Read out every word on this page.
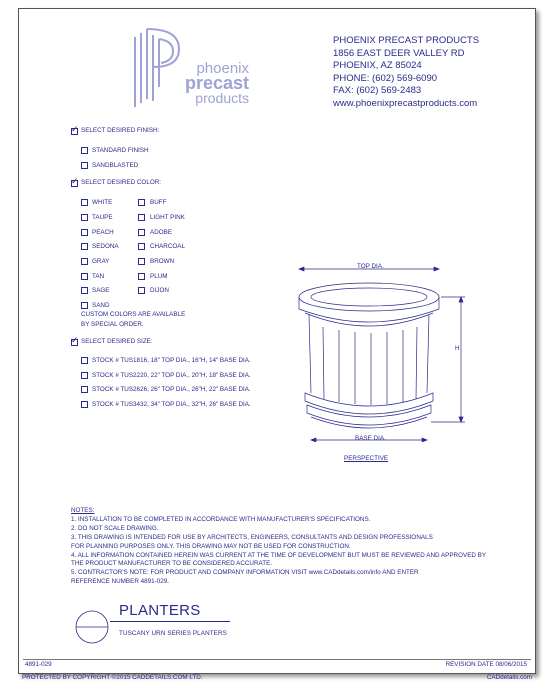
phoenix
precast
products
PHOENIX PRECAST PRODUCTS
1856 EAST DEER VALLEY RD
PHOENIX, AZ 85024
PHONE: (602) 569-6090
FAX: (602) 569-2483
www.phoenixprecastproducts.com
✓
SELECT DESIRED FINISH:
STANDARD FINISH
SANDBLASTED
✓
SELECT DESIRED COLOR:
WHITE
TAUPE
PEACH
SEDONA
GRAY
TAN
SAGE
SAND
BUFF
LIGHT PINK
ADOBE
CHARCOAL
BROWN
PLUM
DIJON
CUSTOM COLORS ARE AVAILABLE
BY SPECIAL ORDER.
✓
SELECT DESIRED SIZE:
STOCK # TUS1816, 18" TOP DIA., 16"H, 14" BASE DIA.
STOCK # TUS2220, 22" TOP DIA., 20"H, 18" BASE DIA.
STOCK # TUS2626, 26" TOP DIA., 26"H, 22" BASE DIA.
STOCK # TUS3432, 34" TOP DIA., 32"H, 26" BASE DIA.
TOP DIA.
BASE DIA.
H
PERSPECTIVE
NOTES:
1. INSTALLATION TO BE COMPLETED IN ACCORDANCE WITH MANUFACTURER'S SPECIFICATIONS.
2. DO NOT SCALE DRAWING.
3. THIS DRAWING IS INTENDED FOR USE BY ARCHITECTS, ENGINEERS, CONSULTANTS AND DESIGN PROFESSIONALS
FOR PLANNING PURPOSES ONLY. THIS DRAWING MAY NOT BE USED FOR CONSTRUCTION.
4. ALL INFORMATION CONTAINED HEREIN WAS CURRENT AT THE TIME OF DEVELOPMENT BUT MUST BE REVIEWED AND APPROVED BY
THE PRODUCT MANUFACTURER TO BE CONSIDERED ACCURATE.
5. CONTRACTOR'S NOTE: FOR PRODUCT AND COMPANY INFORMATION VISIT www.CADdetails.com/info AND ENTER
REFERENCE NUMBER 4891-029.
PLANTERS
TUSCANY URN SERIES PLANTERS
4891-029	REVISION DATE 08/06/2015
PROTECTED BY COPYRIGHT ©2015 CADDETAILS.COM LTD.	CADdetails.com
